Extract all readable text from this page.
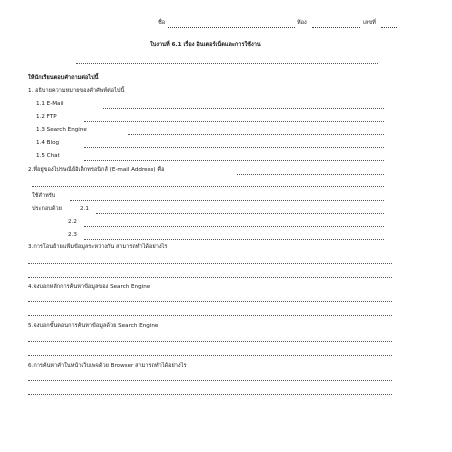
ชื่อ	ห้อง	เลขที่
ใบงานที่ 6.1 เรื่อง อินเตอร์เน็ตและการใช้งาน
ให้นักเรียนตอบคำถามต่อไปนี้
1. อธิบายความหมายของคำศัพท์ต่อไปนี้
1.1 E-Mail
1.2 FTP
1.3 Search Engine
1.4 Blog
1.5 Chat
2.ที่อยู่ของไปรษณีย์อิเล็กทรอนิกส์ (E-mail Address) คือ
ใช้สำหรับ
ประกอบด้วย	2.1
2.2
2.3
3.การโอนย้ายแฟ้มข้อมูลระหว่างกัน สามารถทำได้อย่างไร
4.จงบอกหลักการค้นหาข้อมูลของ Search Engine
5.จงบอกขั้นตอนการค้นหาข้อมูลด้วย Search Engine
6.การค้นหาคำในหน้าเว็บเพจด้วย Browser สามารถทำได้อย่างไร
